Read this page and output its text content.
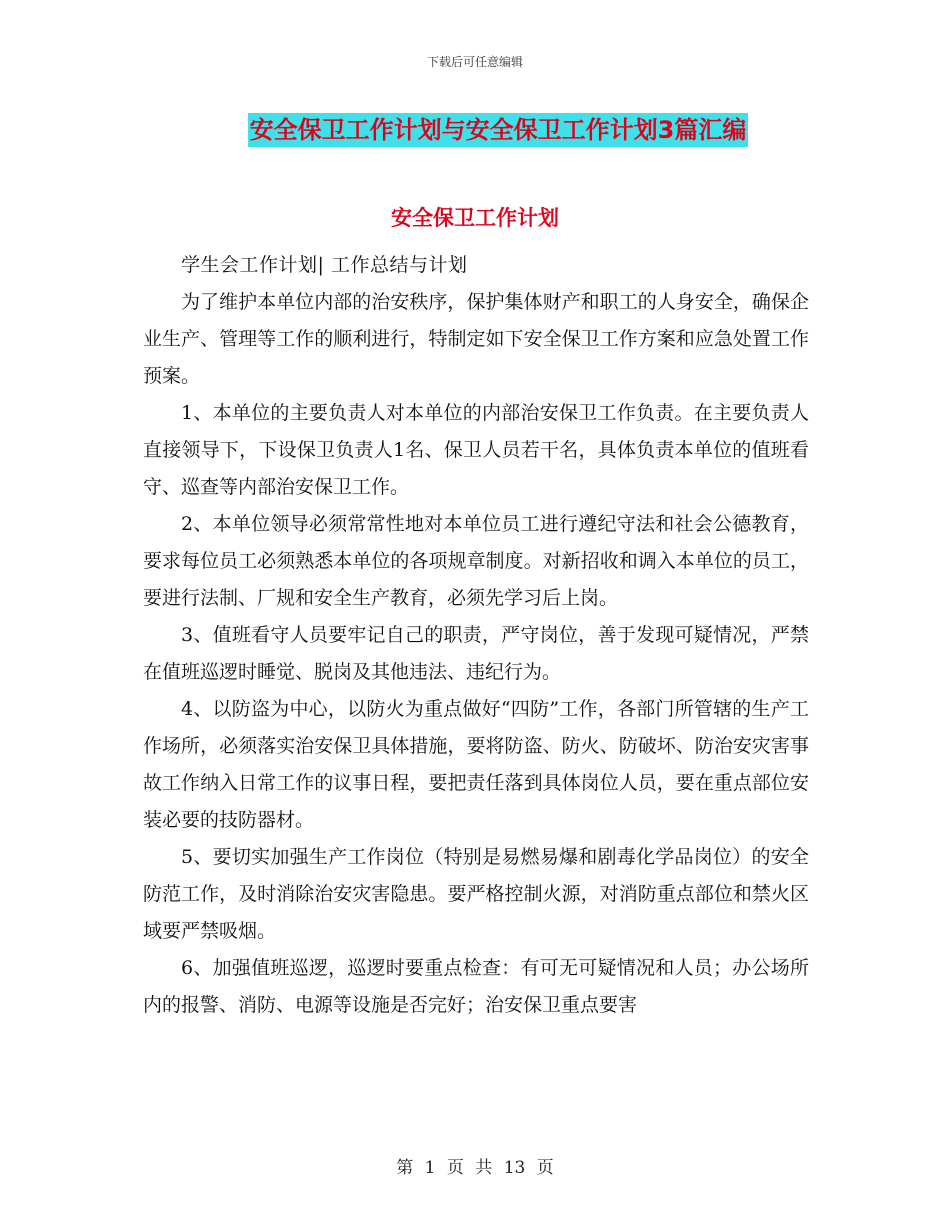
下载后可任意编辑
安全保卫工作计划与安全保卫工作计划3篇汇编
安全保卫工作计划

学生会工作计划| 工作总结与计划

为了维护本单位内部的治安秩序，保护集体财产和职工的人身安全，确保企业生产、管理等工作的顺利进行，特制定如下安全保卫工作方案和应急处置工作预案。

1、本单位的主要负责人对本单位的内部治安保卫工作负责。在主要负责人直接领导下，下设保卫负责人1名、保卫人员若干名，具体负责本单位的值班看守、巡查等内部治安保卫工作。

2、本单位领导必须常常性地对本单位员工进行遵纪守法和社会公德教育，要求每位员工必须熟悉本单位的各项规章制度。对新招收和调入本单位的员工，要进行法制、厂规和安全生产教育，必须先学习后上岗。

3、值班看守人员要牢记自己的职责，严守岗位，善于发现可疑情况，严禁在值班巡逻时睡觉、脱岗及其他违法、违纪行为。

4、以防盗为中心，以防火为重点做好“四防”工作，各部门所管辖的生产工作场所，必须落实治安保卫具体措施，要将防盗、防火、防破坏、防治安灾害事故工作纳入日常工作的议事日程，要把责任落到具体岗位人员，要在重点部位安装必要的技防器材。

5、要切实加强生产工作岗位（特别是易燃易爆和剧毒化学品岗位）的安全防范工作，及时消除治安灾害隐患。要严格控制火源，对消防重点部位和禁火区域要严禁吸烟。

6、加强值班巡逻，巡逻时要重点检查：有可无可疑情况和人员；办公场所内的报警、消防、电源等设施是否完好；治安保卫重点要害

第 1 页 共 13 页
